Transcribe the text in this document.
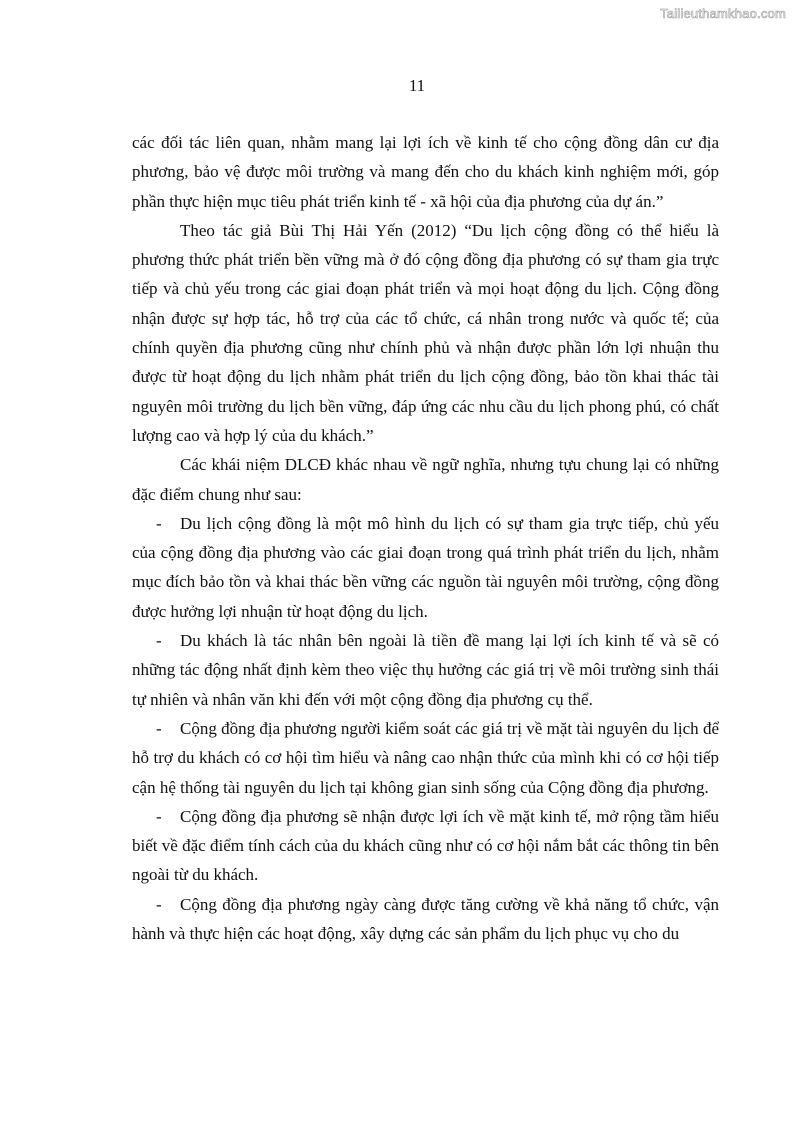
Tailieuthamkhao.com
11

các đối tác liên quan, nhằm mang lại lợi ích về kinh tế cho cộng đồng dân cư địa phương, bảo vệ được môi trường và mang đến cho du khách kinh nghiệm mới, góp phần thực hiện mục tiêu phát triển kinh tế - xã hội của địa phương của dự án.”

Theo tác giả Bùi Thị Hải Yến (2012) “Du lịch cộng đồng có thể hiểu là phương thức phát triển bền vững mà ở đó cộng đồng địa phương có sự tham gia trực tiếp và chủ yếu trong các giai đoạn phát triển và mọi hoạt động du lịch. Cộng đồng nhận được sự hợp tác, hỗ trợ của các tổ chức, cá nhân trong nước và quốc tế; của chính quyền địa phương cũng như chính phủ và nhận được phần lớn lợi nhuận thu được từ hoạt động du lịch nhằm phát triển du lịch cộng đồng, bảo tồn khai thác tài nguyên môi trường du lịch bền vững, đáp ứng các nhu cầu du lịch phong phú, có chất lượng cao và hợp lý của du khách.”

Các khái niệm DLCĐ khác nhau về ngữ nghĩa, nhưng tựu chung lại có những đặc điểm chung như sau:

- Du lịch cộng đồng là một mô hình du lịch có sự tham gia trực tiếp, chủ yếu của cộng đồng địa phương vào các giai đoạn trong quá trình phát triển du lịch, nhằm mục đích bảo tồn và khai thác bền vững các nguồn tài nguyên môi trường, cộng đồng được hưởng lợi nhuận từ hoạt động du lịch.

- Du khách là tác nhân bên ngoài là tiền đề mang lại lợi ích kinh tế và sẽ có những tác động nhất định kèm theo việc thụ hưởng các giá trị về môi trường sinh thái tự nhiên và nhân văn khi đến với một cộng đồng địa phương cụ thể.

- Cộng đồng địa phương người kiểm soát các giá trị về mặt tài nguyên du lịch để hỗ trợ du khách có cơ hội tìm hiểu và nâng cao nhận thức của mình khi có cơ hội tiếp cận hệ thống tài nguyên du lịch tại không gian sinh sống của Cộng đồng địa phương.

- Cộng đồng địa phương sẽ nhận được lợi ích về mặt kinh tế, mở rộng tầm hiểu biết về đặc điểm tính cách của du khách cũng như có cơ hội nắm bắt các thông tin bên ngoài từ du khách.

- Cộng đồng địa phương ngày càng được tăng cường về khả năng tổ chức, vận hành và thực hiện các hoạt động, xây dựng các sản phẩm du lịch phục vụ cho du
